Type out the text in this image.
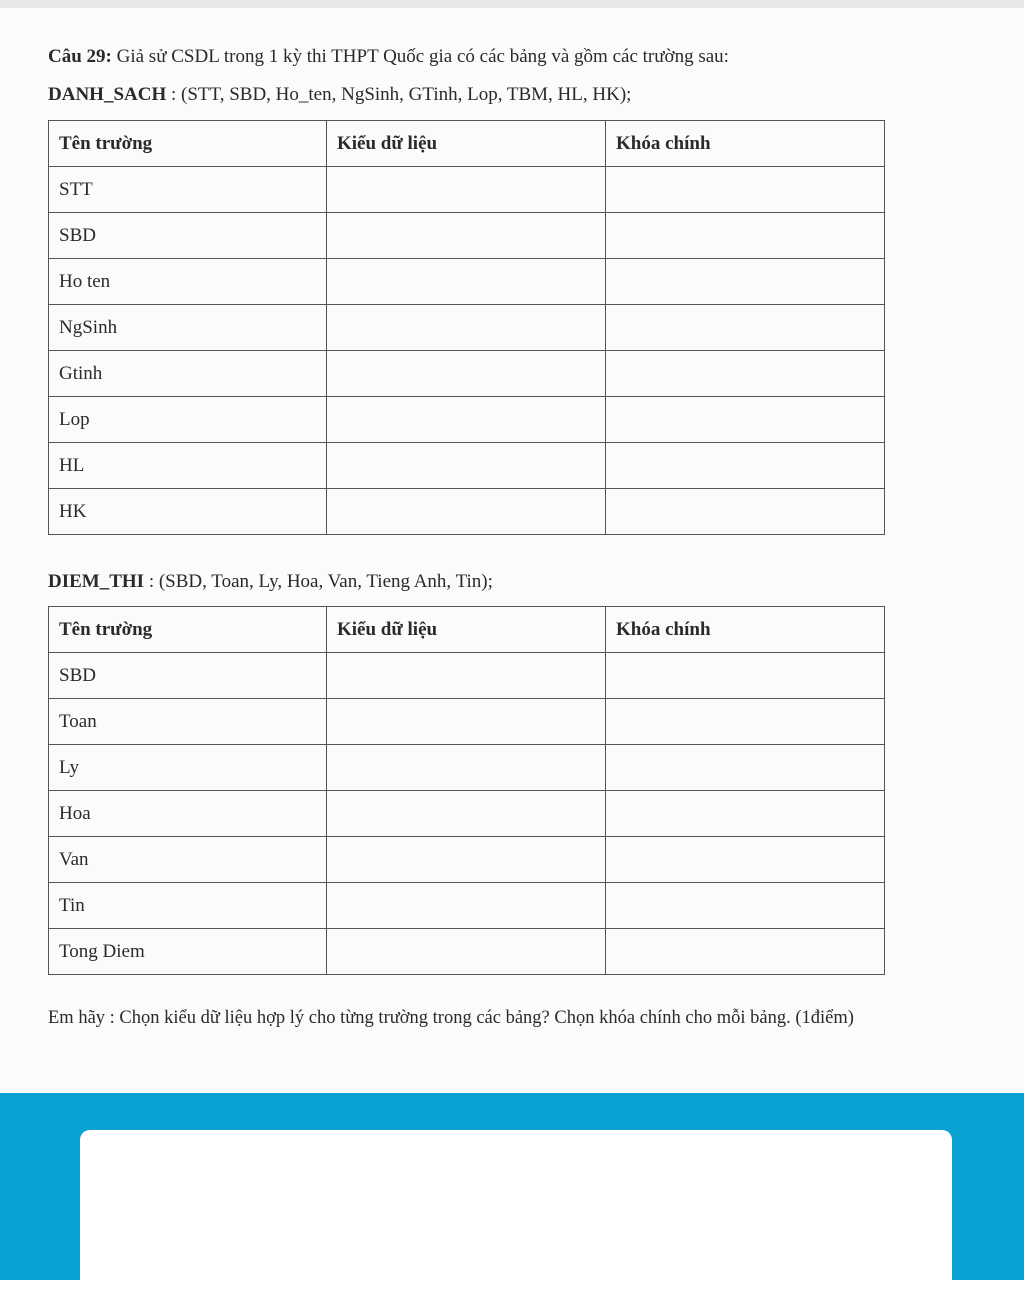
Câu 29: Giả sử CSDL trong 1 kỳ thi THPT Quốc gia có các bảng và gồm các trường sau:
DANH_SACH : (STT, SBD, Ho_ten, NgSinh, GTinh, Lop, TBM, HL, HK);
Tên trường	Kiểu dữ liệu	Khóa chính
STT		
SBD		
Ho ten		
NgSinh		
Gtinh		
Lop		
HL		
HK		
DIEM_THI : (SBD, Toan, Ly, Hoa, Van, Tieng Anh, Tin);
Tên trường	Kiểu dữ liệu	Khóa chính
SBD		
Toan		
Ly		
Hoa		
Van		
Tin		
Tong Diem		
Em hãy : Chọn kiểu dữ liệu hợp lý cho từng trường trong các bảng? Chọn khóa chính cho mỗi bảng. (1điểm)
